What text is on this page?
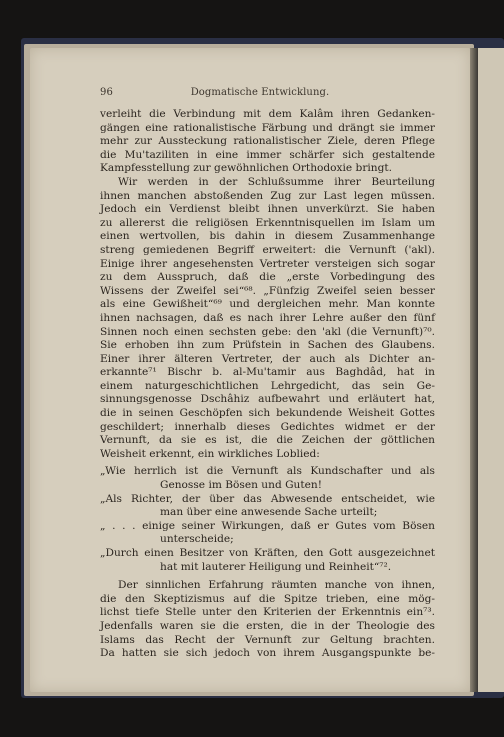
96	Dogmatische Entwicklung.
verleiht die Verbindung mit dem Kalâm ihren Gedanken-
gängen eine rationalistische Färbung und drängt sie immer
mehr zur Aussteckung rationalistischer Ziele, deren Pflege
die Mu'taziliten in eine immer schärfer sich gestaltende
Kampfesstellung zur gewöhnlichen Orthodoxie bringt.
Wir werden in der Schlußsumme ihrer Beurteilung
ihnen manchen abstoßenden Zug zur Last legen müssen.
Jedoch ein Verdienst bleibt ihnen unverkürzt. Sie haben
zu allererst die religiösen Erkenntnisquellen im Islam um
einen wertvollen, bis dahin in diesem Zusammenhange
streng gemiedenen Begriff erweitert: die Vernunft ('akl).
Einige ihrer angesehensten Vertreter versteigen sich sogar
zu dem Ausspruch, daß die „erste Vorbedingung des
Wissens der Zweifel sei“⁶⁸. „Fünfzig Zweifel seien besser
als eine Gewißheit“⁶⁹ und dergleichen mehr. Man konnte
ihnen nachsagen, daß es nach ihrer Lehre außer den fünf
Sinnen noch einen sechsten gebe: den 'akl (die Vernunft)⁷⁰.
Sie erhoben ihn zum Prüfstein in Sachen des Glaubens.
Einer ihrer älteren Vertreter, der auch als Dichter an-
erkannte⁷¹ Bischr b. al-Mu'tamir aus Baghdâd, hat in
einem naturgeschichtlichen Lehrgedicht, das sein Ge-
sinnungsgenosse Dschâhiz aufbewahrt und erläutert hat,
die in seinen Geschöpfen sich bekundende Weisheit Gottes
geschildert; innerhalb dieses Gedichtes widmet er der
Vernunft, da sie es ist, die die Zeichen der göttlichen
Weisheit erkennt, ein wirkliches Loblied:
„Wie herrlich ist die Vernunft als Kundschafter und als
Genosse im Bösen und Guten!
„Als Richter, der über das Abwesende entscheidet, wie
man über eine anwesende Sache urteilt;
„ . . . einige seiner Wirkungen, daß er Gutes vom Bösen
unterscheide;
„Durch einen Besitzer von Kräften, den Gott ausgezeichnet
hat mit lauterer Heiligung und Reinheit“⁷².
Der sinnlichen Erfahrung räumten manche von ihnen,
die den Skeptizismus auf die Spitze trieben, eine mög-
lichst tiefe Stelle unter den Kriterien der Erkenntnis ein⁷³.
Jedenfalls waren sie die ersten, die in der Theologie des
Islams das Recht der Vernunft zur Geltung brachten.
Da hatten sie sich jedoch von ihrem Ausgangspunkte be-
